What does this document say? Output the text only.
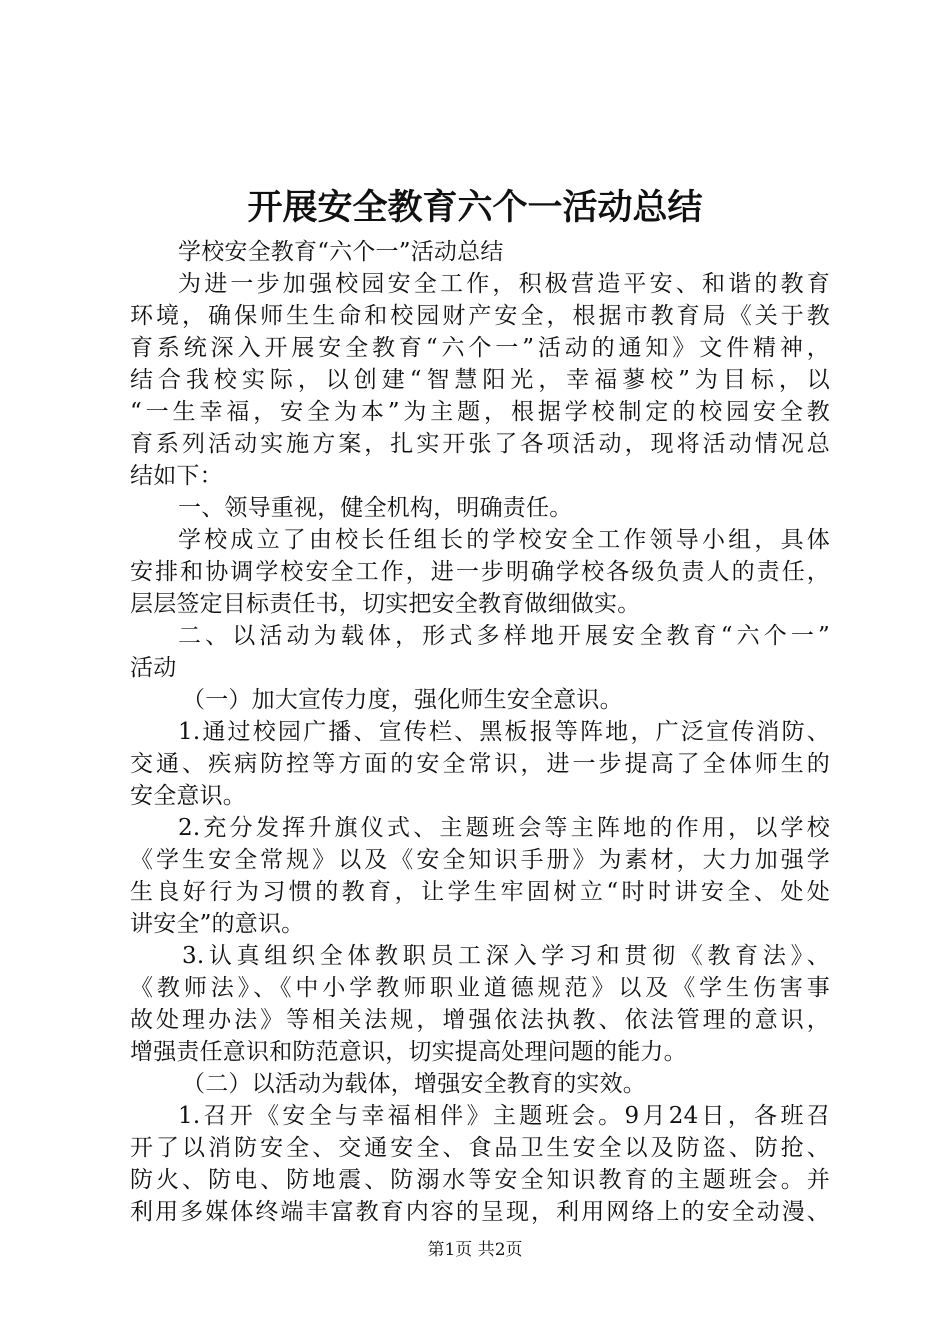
开展安全教育六个一活动总结
学校安全教育“六个一”活动总结
为进一步加强校园安全工作，积极营造平安、和谐的教育
环境，确保师生生命和校园财产安全，根据市教育局《关于教
育系统深入开展安全教育“六个一”活动的通知》文件精神，
结合我校实际，以创建“智慧阳光，幸福蓼校”为目标，以
“一生幸福，安全为本”为主题，根据学校制定的校园安全教
育系列活动实施方案，扎实开张了各项活动，现将活动情况总
结如下：
一、领导重视，健全机构，明确责任。
学校成立了由校长任组长的学校安全工作领导小组，具体
安排和协调学校安全工作，进一步明确学校各级负责人的责任，
层层签定目标责任书，切实把安全教育做细做实。
二、以活动为载体，形式多样地开展安全教育“六个一”
活动
（一）加大宣传力度，强化师生安全意识。
1.通过校园广播、宣传栏、黑板报等阵地，广泛宣传消防、
交通、疾病防控等方面的安全常识，进一步提高了全体师生的
安全意识。
2.充分发挥升旗仪式、主题班会等主阵地的作用，以学校
《学生安全常规》以及《安全知识手册》为素材，大力加强学
生良好行为习惯的教育，让学生牢固树立“时时讲安全、处处
讲安全”的意识。
3.认真组织全体教职员工深入学习和贯彻《教育法》、
《教师法》、《中小学教师职业道德规范》以及《学生伤害事
故处理办法》等相关法规，增强依法执教、依法管理的意识，
增强责任意识和防范意识，切实提高处理问题的能力。
（二）以活动为载体，增强安全教育的实效。
1.召开《安全与幸福相伴》主题班会。9月24日，各班召
开了以消防安全、交通安全、食品卫生安全以及防盗、防抢、
防火、防电、防地震、防溺水等安全知识教育的主题班会。并
利用多媒体终端丰富教育内容的呈现，利用网络上的安全动漫、
第1页 共2页
